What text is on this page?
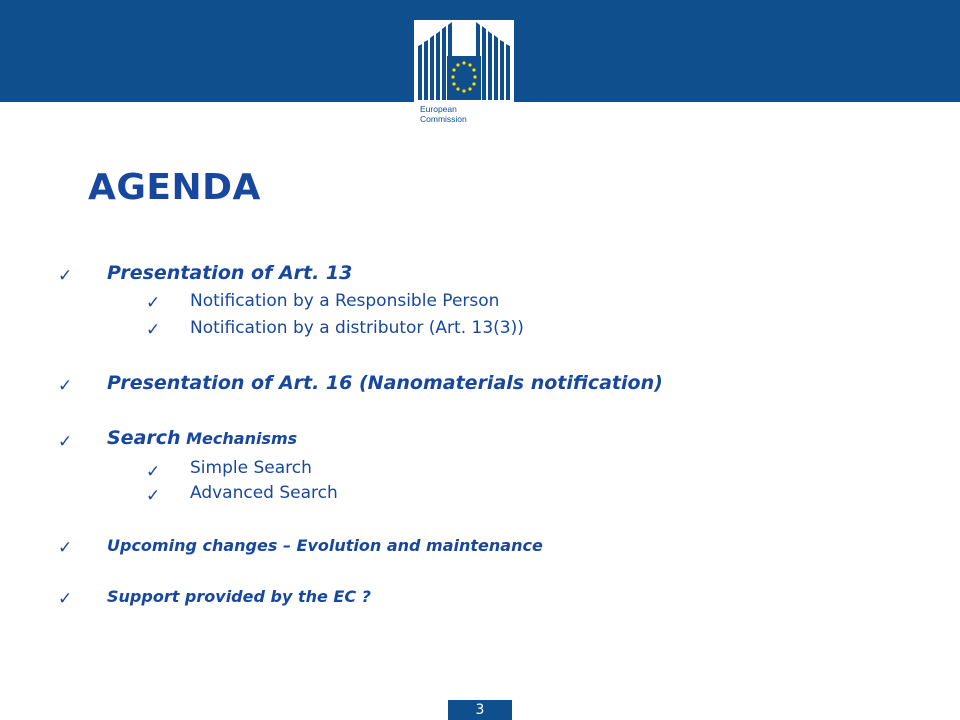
European
Commission
AGENDA
✓ Presentation of Art. 13
✓ Notification by a Responsible Person
✓ Notification by a distributor (Art. 13(3))
✓ Presentation of Art. 16 (Nanomaterials notification)
✓ Search Mechanisms
✓ Simple Search
✓ Advanced Search
✓ Upcoming changes – Evolution and maintenance
✓ Support provided by the EC ?
3
